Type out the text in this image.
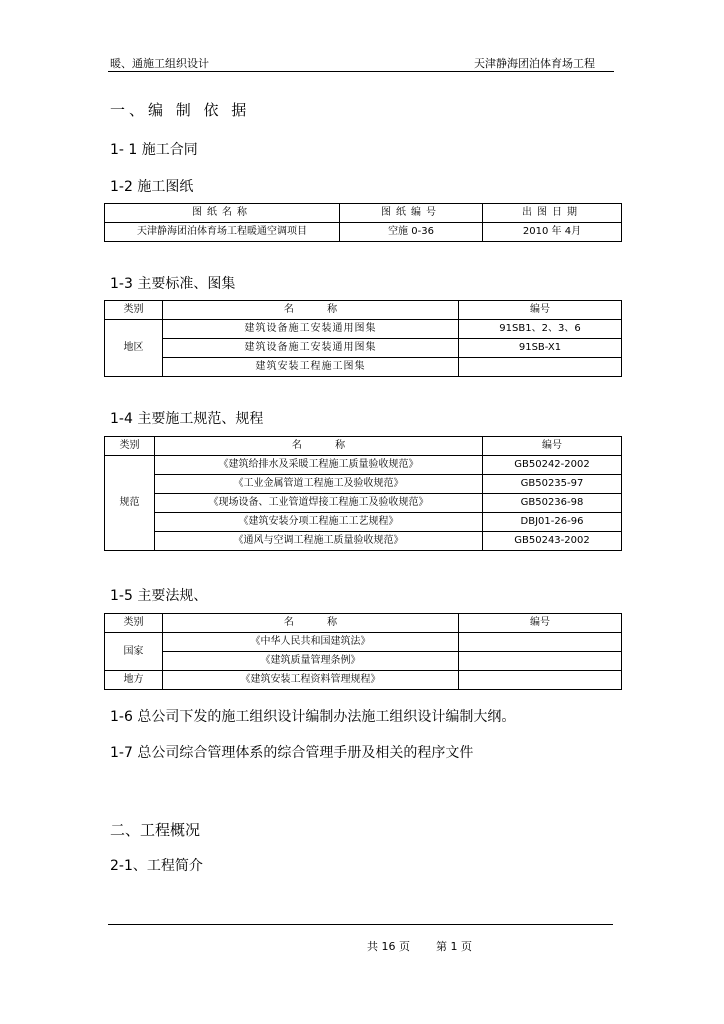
暖、通施工组织设计	天津静海团泊体育场工程
一、编 制 依 据
1- 1 施工合同
1-2 施工图纸
图纸名称	图纸编号	出图日期
天津静海团泊体育场工程暖通空调项目	空施 0-36	2010 年 4月
1-3 主要标准、图集
类别	名 称	编号
地区	建筑设备施工安装通用图集	91SB1、2、3、6
	建筑设备施工安装通用图集	91SB-X1
	建筑安装工程施工图集	
1-4 主要施工规范、规程
类别	名 称	编号
规范	《建筑给排水及采暖工程施工质量验收规范》	GB50242-2002
	《工业金属管道工程施工及验收规范》	GB50235-97
	《现场设备、工业管道焊接工程施工及验收规范》	GB50236-98
	《建筑安装分项工程施工工艺规程》	DBJ01-26-96
	《通风与空调工程施工质量验收规范》	GB50243-2002
1-5 主要法规、
类别	名 称	编号
国家	《中华人民共和国建筑法》	
	《建筑质量管理条例》	
地方	《建筑安装工程资料管理规程》	
1-6 总公司下发的施工组织设计编制办法施工组织设计编制大纲。
1-7 总公司综合管理体系的综合管理手册及相关的程序文件
二、工程概况
2-1、工程简介
共 16 页 第 1 页
